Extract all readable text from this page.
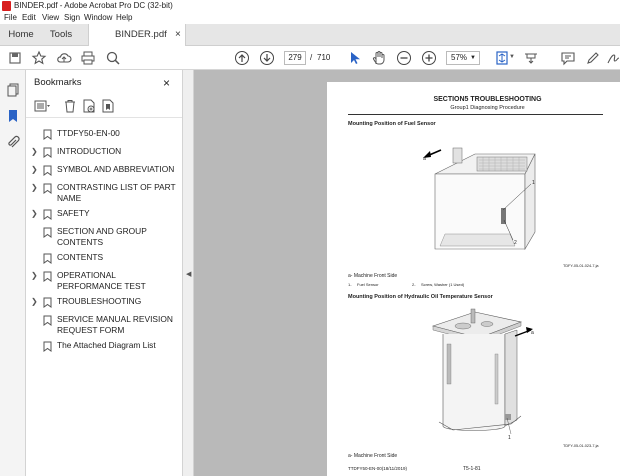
BINDER.pdf - Adobe Acrobat Pro DC (32-bit)
File Edit View Sign Window Help
Home	Tools	BINDER.pdf ×
279	/ 710	57% ▼	▼
Bookmarks	×
TTDFY50-EN-00
❯ INTRODUCTION
❯ SYMBOL AND ABBREVIATION
❯ CONTRASTING LIST OF PART NAME
❯ SAFETY
SECTION AND GROUP CONTENTS
CONTENTS
❯ OPERATIONAL PERFORMANCE TEST
❯ TROUBLESHOOTING
SERVICE MANUAL REVISION REQUEST FORM
The Attached Diagram List
◀
SECTION5 TROUBLESHOOTING
Group1 Diagnosing Procedure
Mounting Position of Fuel Sensor
a
1
2
TDFY-05-01-024-7.ja
a- Machine Front Side
1- Fuel Sensor	2- Screw, Washer (1 Used)
Mounting Position of Hydraulic Oil Temperature Sensor
a
1
TDFY-05-01-023-7.ja
a- Machine Front Side
TTDFY50-EN-00(18/11/2019)	T5-1-81
